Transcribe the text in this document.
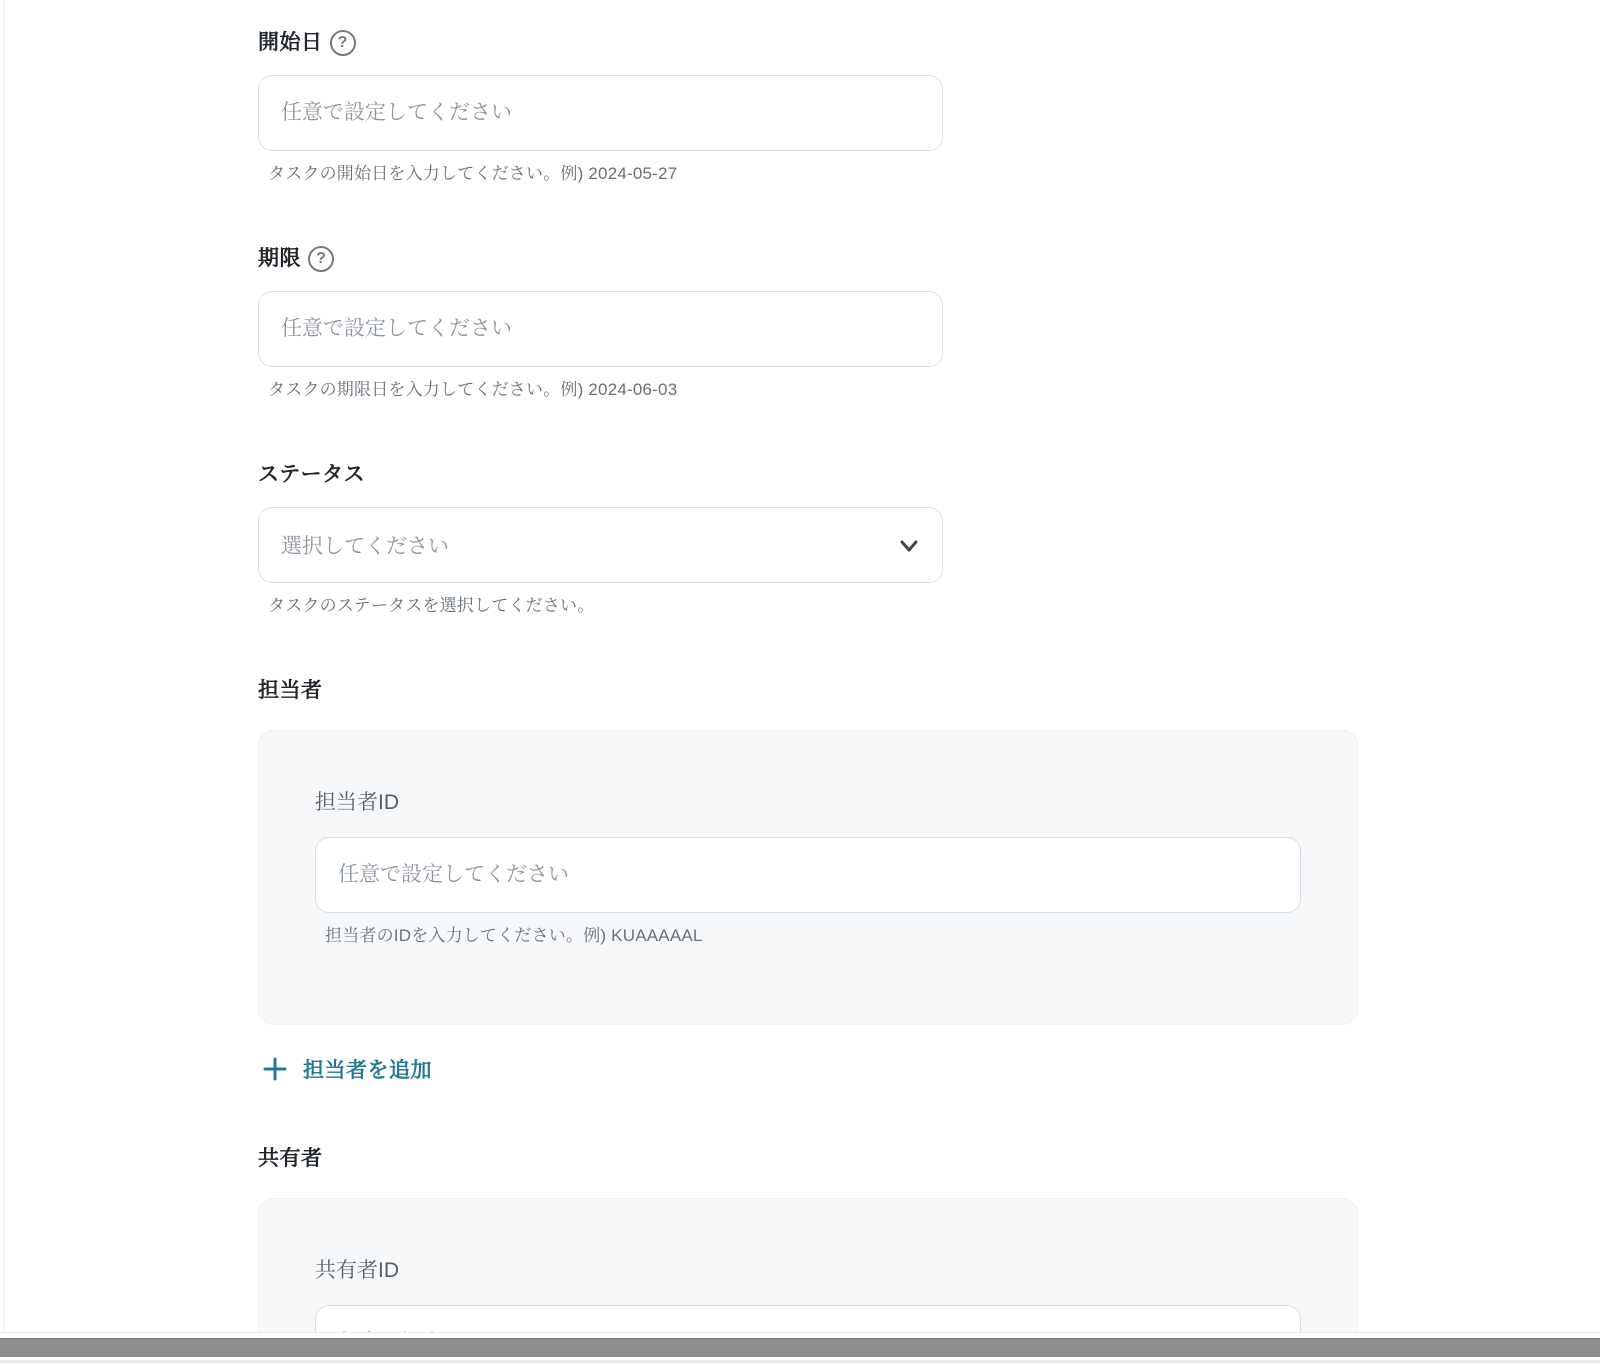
開始日 ?
任意で設定してください
タスクの開始日を入力してください。例) 2024-05-27
期限 ?
任意で設定してください
タスクの期限日を入力してください。例) 2024-06-03
ステータス
選択してください
タスクのステータスを選択してください。
担当者
担当者ID
任意で設定してください
担当者のIDを入力してください。例) KUAAAAAL
担当者を追加
共有者
共有者ID
任意で設定してください
